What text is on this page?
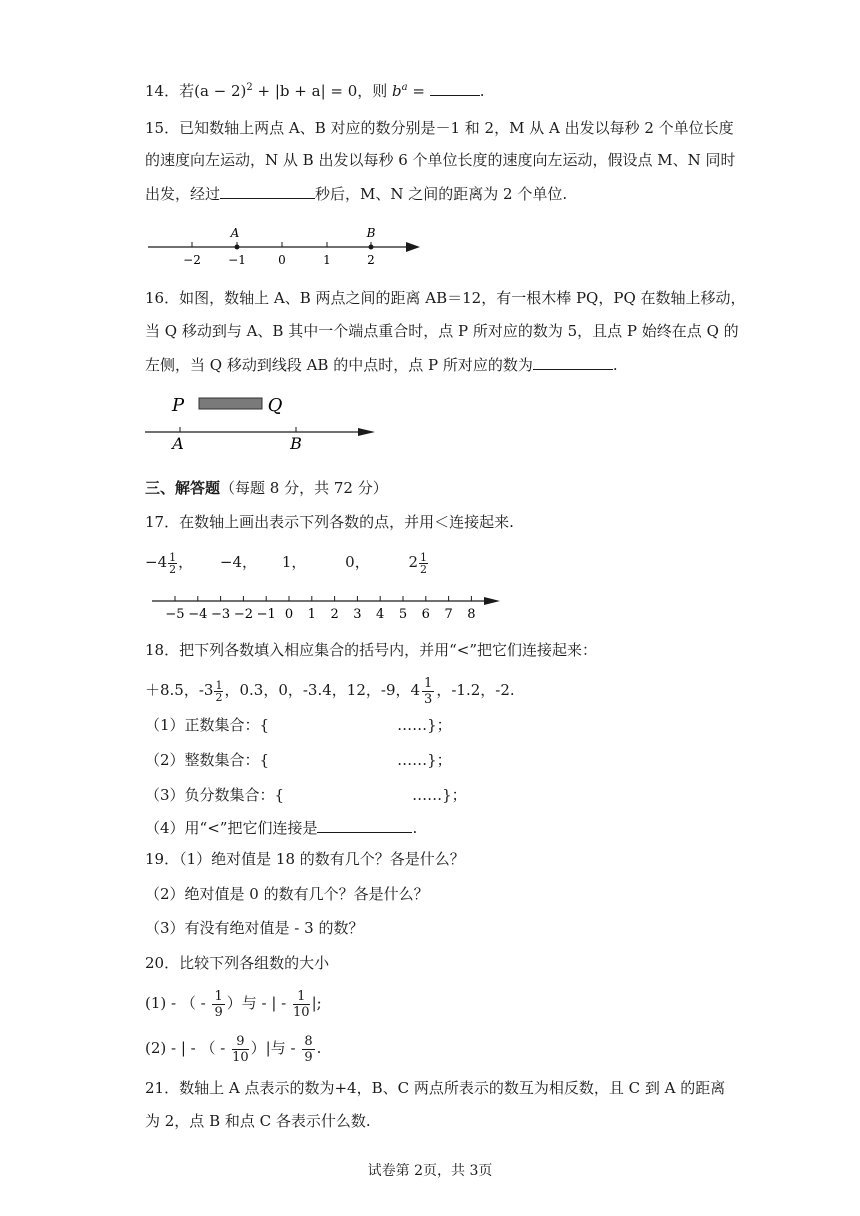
14．若$(a - 2)^2 + |b + a| = 0$，则 $b^a$ =	.
15．已知数轴上两点 A、B 对应的数分别是－1 和 2，M 从 A 出发以每秒 2 个单位长度
的速度向左运动，N 从 B 出发以每秒 6 个单位长度的速度向左运动，假设点 M、N 同时
出发，经过	秒后，M、N 之间的距离为 2 个单位.
−2 −1	0	1	2
A	B
16．如图，数轴上 A、B 两点之间的距离 AB＝12，有一根木棒 PQ，PQ 在数轴上移动，
当 Q 移动到与 A、B 其中一个端点重合时，点 P 所对应的数为 5，且点 P 始终在点 Q 的
左侧，当 Q 移动到线段 AB 的中点时，点 P 所对应的数为	.
P	Q
A	B
三、解答题（每题 8 分，共 72 分）
17．在数轴上画出表示下列各数的点，并用＜连接起来.
$-4 \frac{1}{2}$ ， −4， 1，	0，	$2 \frac{1}{2}$
−5 −4 −3 −2 −1 0 1 2 3 4 5 6 7 8
18．把下列各数填入相应集合的括号内，并用“<”把它们连接起来：
＋8.5，$-3 \frac{1}{2}$ ，0.3，0，-3.4，12，-9，$4 \frac{1}{3}$ ，-1.2，-2.
（1）正数集合：{	……}；
（2）整数集合：{	……}；
（3）负分数集合：{	……}；
（4）用“<”把它们连接是	.
19．（1）绝对值是 18 的数有几个？各是什么？
（2）绝对值是 0 的数有几个？各是什么？
（3）有没有绝对值是 - 3 的数？
20．比较下列各组数的大小
(1) - （ - $\frac{1}{9}$ ）与 - | - $\frac{1}{10}$ |;
(2) - | - （ - $\frac{9}{10}$ ）|与 - $\frac{8}{9}$ .
21．数轴上 A 点表示的数为+4，B、C 两点所表示的数互为相反数，且 C 到 A 的距离
为 2，点 B 和点 C 各表示什么数.
试卷第 2页，共 3页
